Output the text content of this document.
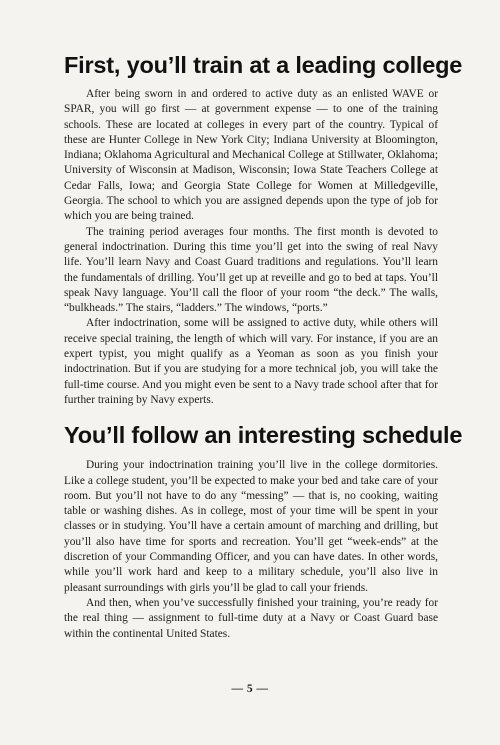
First, you’ll train at a leading college

After being sworn in and ordered to active duty as an enlisted WAVE or SPAR, you will go first — at government expense — to one of the training schools. These are located at colleges in every part of the country. Typical of these are Hunter College in New York City; Indiana University at Bloomington, Indiana; Oklahoma Agricultural and Mechanical College at Stillwater, Oklahoma; University of Wisconsin at Madison, Wisconsin; Iowa State Teachers College at Cedar Falls, Iowa; and Georgia State College for Women at Milledgeville, Georgia. The school to which you are assigned depends upon the type of job for which you are being trained.

The training period averages four months. The first month is devoted to general indoctrination. During this time you’ll get into the swing of real Navy life. You’ll learn Navy and Coast Guard traditions and regulations. You’ll learn the fundamentals of drilling. You’ll get up at reveille and go to bed at taps. You’ll speak Navy language. You’ll call the floor of your room “the deck.” The walls, “bulkheads.” The stairs, “ladders.” The windows, “ports.”

After indoctrination, some will be assigned to active duty, while others will receive special training, the length of which will vary. For instance, if you are an expert typist, you might qualify as a Yeoman as soon as you finish your indoctrination. But if you are studying for a more technical job, you will take the full-time course. And you might even be sent to a Navy trade school after that for further training by Navy experts.

You’ll follow an interesting schedule

During your indoctrination training you’ll live in the college dormitories. Like a college student, you’ll be expected to make your bed and take care of your room. But you’ll not have to do any “messing” — that is, no cooking, waiting table or washing dishes. As in college, most of your time will be spent in your classes or in studying. You’ll have a certain amount of marching and drilling, but you’ll also have time for sports and recreation. You’ll get “week-ends” at the discretion of your Commanding Officer, and you can have dates. In other words, while you’ll work hard and keep to a military schedule, you’ll also live in pleasant surroundings with girls you’ll be glad to call your friends.

And then, when you’ve successfully finished your training, you’re ready for the real thing — assignment to full-time duty at a Navy or Coast Guard base within the continental United States.

— 5 —
